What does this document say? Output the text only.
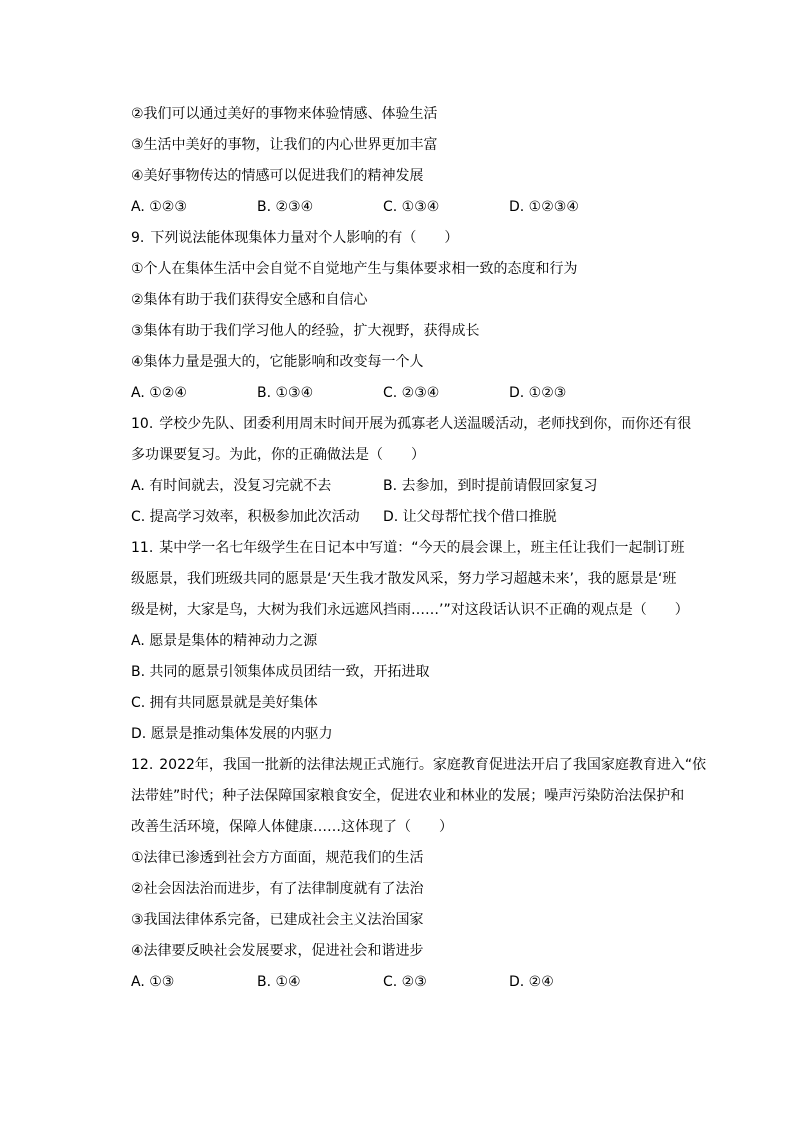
②我们可以通过美好的事物来体验情感、体验生活
③生活中美好的事物，让我们的内心世界更加丰富
④美好事物传达的情感可以促进我们的精神发展
A. ①②③	B. ②③④	C. ①③④	D. ①②③④
9. 下列说法能体现集体力量对个人影响的有（　　）
①个人在集体生活中会自觉不自觉地产生与集体要求相一致的态度和行为
②集体有助于我们获得安全感和自信心
③集体有助于我们学习他人的经验，扩大视野，获得成长
④集体力量是强大的，它能影响和改变每一个人
A. ①②④	B. ①③④	C. ②③④	D. ①②③
10. 学校少先队、团委利用周末时间开展为孤寡老人送温暖活动，老师找到你，而你还有很
多功课要复习。为此，你的正确做法是（　　）
A. 有时间就去，没复习完就不去	B. 去参加，到时提前请假回家复习
C. 提高学习效率，积极参加此次活动	D. 让父母帮忙找个借口推脱
11. 某中学一名七年级学生在日记本中写道：“今天的晨会课上，班主任让我们一起制订班
级愿景，我们班级共同的愿景是‘天生我才散发风采，努力学习超越未来’，我的愿景是‘班
级是树，大家是鸟，大树为我们永远遮风挡雨……’”对这段话认识不正确的观点是（　　）
A. 愿景是集体的精神动力之源
B. 共同的愿景引领集体成员团结一致，开拓进取
C. 拥有共同愿景就是美好集体
D. 愿景是推动集体发展的内驱力
12. 2022年，我国一批新的法律法规正式施行。家庭教育促进法开启了我国家庭教育进入“依
法带娃”时代；种子法保障国家粮食安全，促进农业和林业的发展；噪声污染防治法保护和
改善生活环境，保障人体健康……这体现了（　　）
①法律已渗透到社会方方面面，规范我们的生活
②社会因法治而进步，有了法律制度就有了法治
③我国法律体系完备，已建成社会主义法治国家
④法律要反映社会发展要求，促进社会和谐进步
A. ①③	B. ①④	C. ②③	D. ②④
